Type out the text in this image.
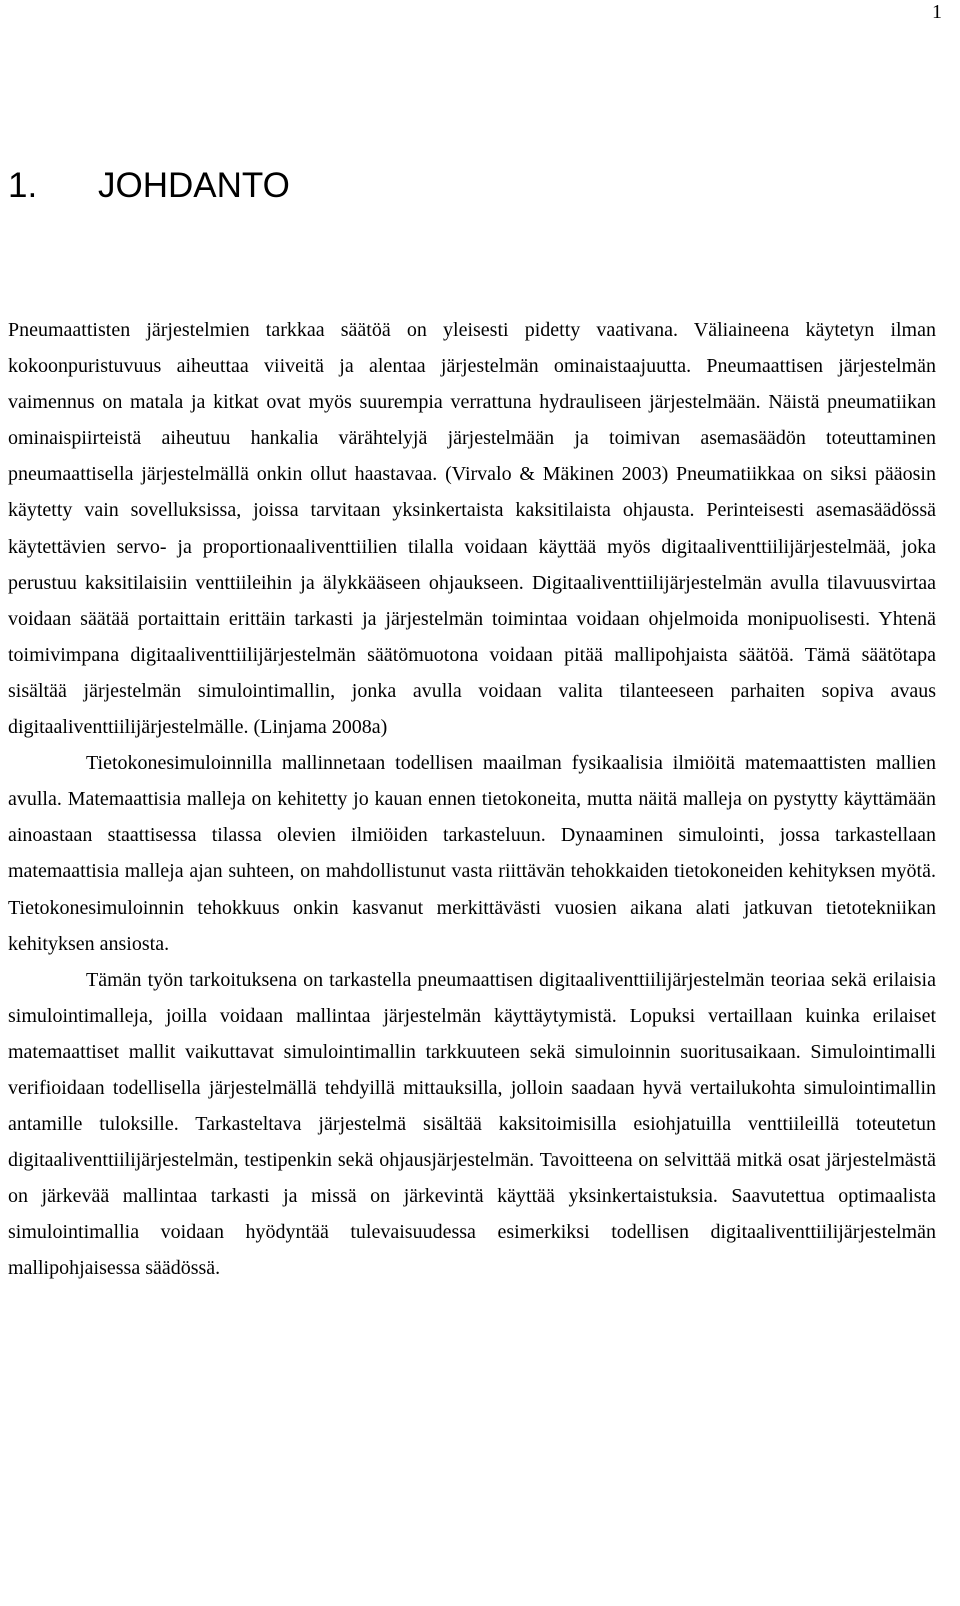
1
1. JOHDANTO

Pneumaattisten järjestelmien tarkkaa säätöä on yleisesti pidetty vaativana. Väliaineena käytetyn ilman kokoonpuristuvuus aiheuttaa viiveitä ja alentaa järjestelmän ominaistaajuutta. Pneumaattisen järjestelmän vaimennus on matala ja kitkat ovat myös suurempia verrattuna hydrauliseen järjestelmään. Näistä pneumatiikan ominaispiirteistä aiheutuu hankalia värähtelyjä järjestelmään ja toimivan asemasäädön toteuttaminen pneumaattisella järjestelmällä onkin ollut haastavaa. (Virvalo & Mäkinen 2003) Pneumatiikkaa on siksi pääosin käytetty vain sovelluksissa, joissa tarvitaan yksinkertaista kaksitilaista ohjausta. Perinteisesti asemasäädössä käytettävien servo- ja proportionaaliventtiilien tilalla voidaan käyttää myös digitaaliventtiilijärjestelmää, joka perustuu kaksitilaisiin venttiileihin ja älykkääseen ohjaukseen. Digitaaliventtiilijärjestelmän avulla tilavuusvirtaa voidaan säätää portaittain erittäin tarkasti ja järjestelmän toimintaa voidaan ohjelmoida monipuolisesti. Yhtenä toimivimpana digitaaliventtiilijärjestelmän säätömuotona voidaan pitää mallipohjaista säätöä. Tämä säätötapa sisältää järjestelmän simulointimallin, jonka avulla voidaan valita tilanteeseen parhaiten sopiva avaus digitaaliventtiilijärjestelmälle. (Linjama 2008a)

Tietokonesimuloinnilla mallinnetaan todellisen maailman fysikaalisia ilmiöitä matemaattisten mallien avulla. Matemaattisia malleja on kehitetty jo kauan ennen tietokoneita, mutta näitä malleja on pystytty käyttämään ainoastaan staattisessa tilassa olevien ilmiöiden tarkasteluun. Dynaaminen simulointi, jossa tarkastellaan matemaattisia malleja ajan suhteen, on mahdollistunut vasta riittävän tehokkaiden tietokoneiden kehityksen myötä. Tietokonesimuloinnin tehokkuus onkin kasvanut merkittävästi vuosien aikana alati jatkuvan tietotekniikan kehityksen ansiosta.

Tämän työn tarkoituksena on tarkastella pneumaattisen digitaaliventtiilijärjestelmän teoriaa sekä erilaisia simulointimalleja, joilla voidaan mallintaa järjestelmän käyttäytymistä. Lopuksi vertaillaan kuinka erilaiset matemaattiset mallit vaikuttavat simulointimallin tarkkuuteen sekä simuloinnin suoritusaikaan. Simulointimalli verifioidaan todellisella järjestelmällä tehdyillä mittauksilla, jolloin saadaan hyvä vertailukohta simulointimallin antamille tuloksille. Tarkasteltava järjestelmä sisältää kaksitoimisilla esiohjatuilla venttiileillä toteutetun digitaaliventtiilijärjestelmän, testipenkin sekä ohjausjärjestelmän. Tavoitteena on selvittää mitkä osat järjestelmästä on järkevää mallintaa tarkasti ja missä on järkevintä käyttää yksinkertaistuksia. Saavutettua optimaalista simulointimallia voidaan hyödyntää tulevaisuudessa esimerkiksi todellisen digitaaliventtiilijärjestelmän mallipohjaisessa säädössä.
